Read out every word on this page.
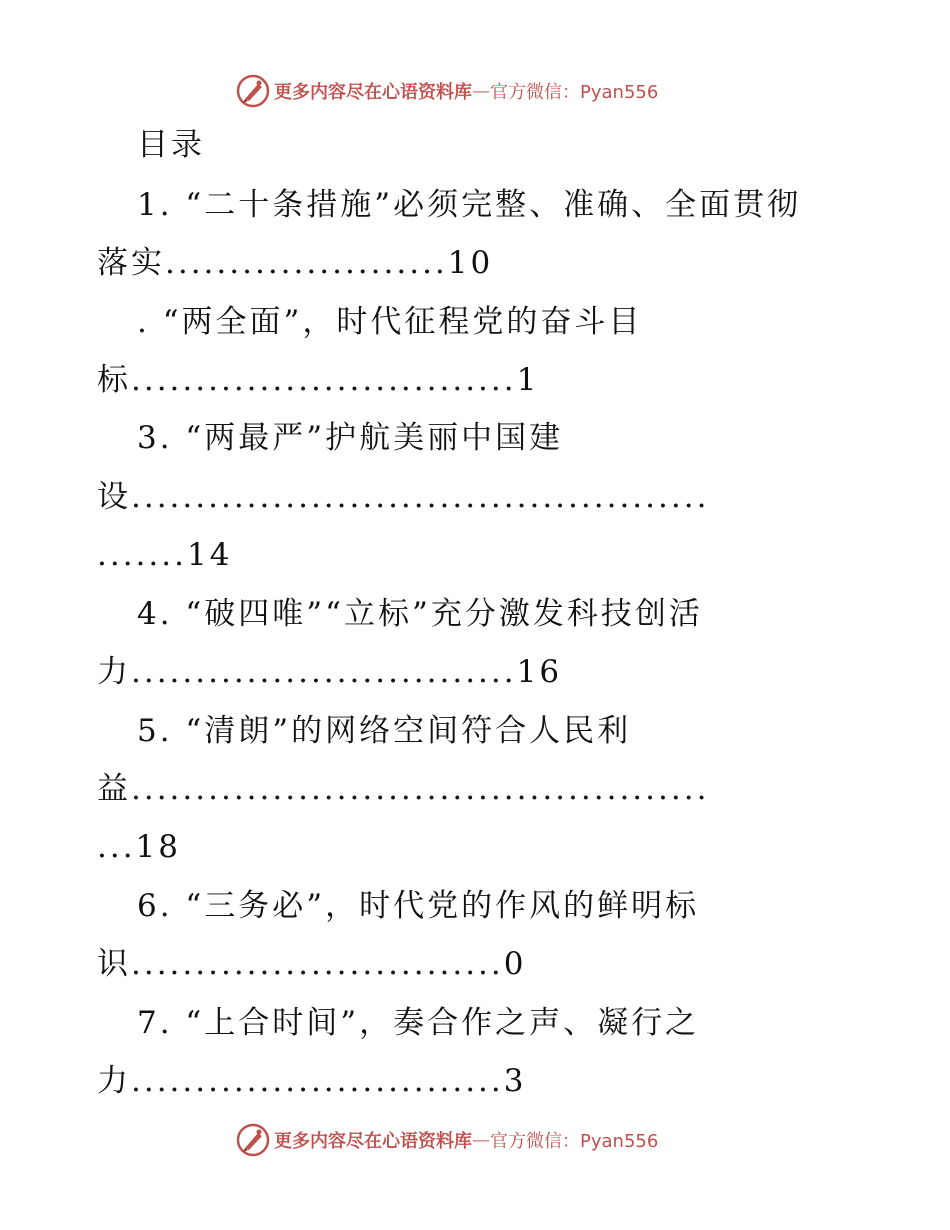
更多内容尽在心语资料库 — 官方微信：Pyan556
目录
1. “二十条措施”必须完整、准确、全面贯彻
落实......................10
. “两全面”，时代征程党的奋斗目
标..............................1
3. “两最严”护航美丽中国建
设.............................................
.......14
4. “破四唯”“立标”充分激发科技创活
力..............................16
5. “清朗”的网络空间符合人民利
益.............................................
...18
6. “三务必”，时代党的作风的鲜明标
识.............................0
7. “上合时间”，奏合作之声、凝行之
力.............................3
更多内容尽在心语资料库 — 官方微信：Pyan556
